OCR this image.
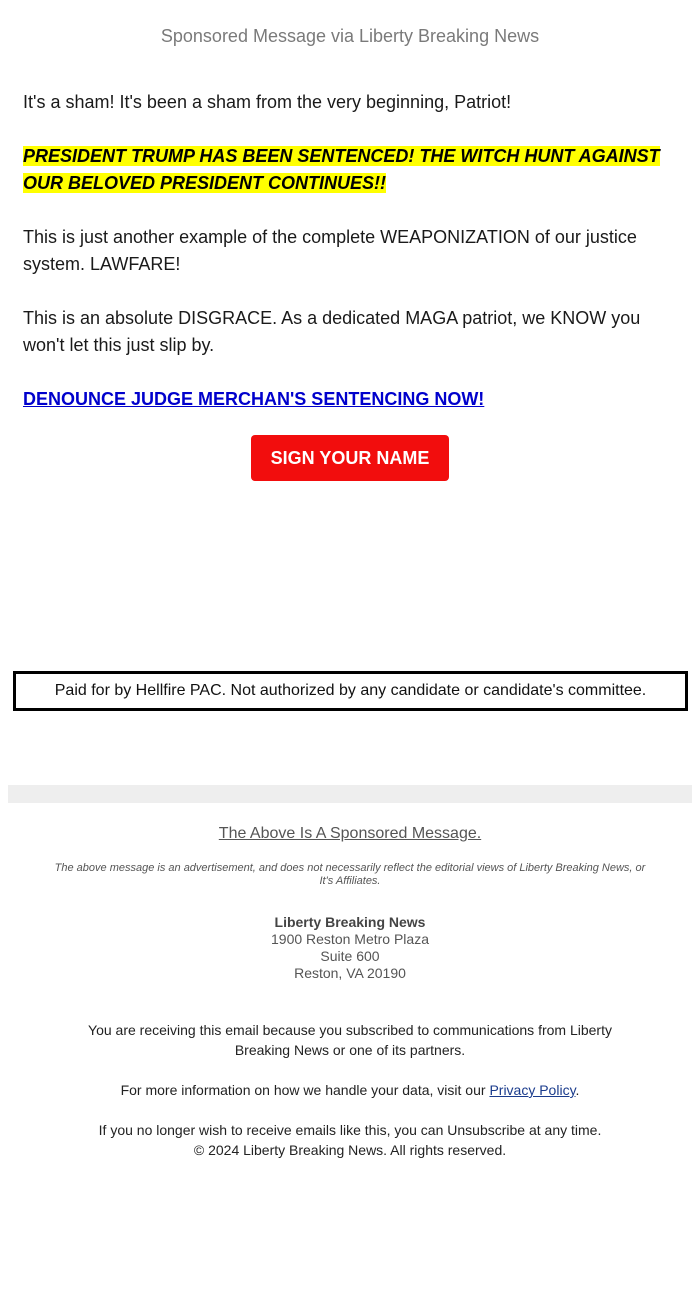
Sponsored Message via Liberty Breaking News

It's a sham! It's been a sham from the very beginning, Patriot!

PRESIDENT TRUMP HAS BEEN SENTENCED! THE WITCH HUNT AGAINST OUR BELOVED PRESIDENT CONTINUES!!

This is just another example of the complete WEAPONIZATION of our justice system. LAWFARE!

This is an absolute DISGRACE. As a dedicated MAGA patriot, we KNOW you won't let this just slip by.

DENOUNCE JUDGE MERCHAN'S SENTENCING NOW!

SIGN YOUR NAME
Paid for by Hellfire PAC. Not authorized by any candidate or candidate's committee.
The Above Is A Sponsored Message.
The above message is an advertisement, and does not necessarily reflect the editorial views of Liberty Breaking News, or It's Affiliates.
Liberty Breaking News
1900 Reston Metro Plaza
Suite 600
Reston, VA 20190

You are receiving this email because you subscribed to communications from Liberty Breaking News or one of its partners.

For more information on how we handle your data, visit our Privacy Policy.

If you no longer wish to receive emails like this, you can Unsubscribe at any time.
© 2024 Liberty Breaking News. All rights reserved.
